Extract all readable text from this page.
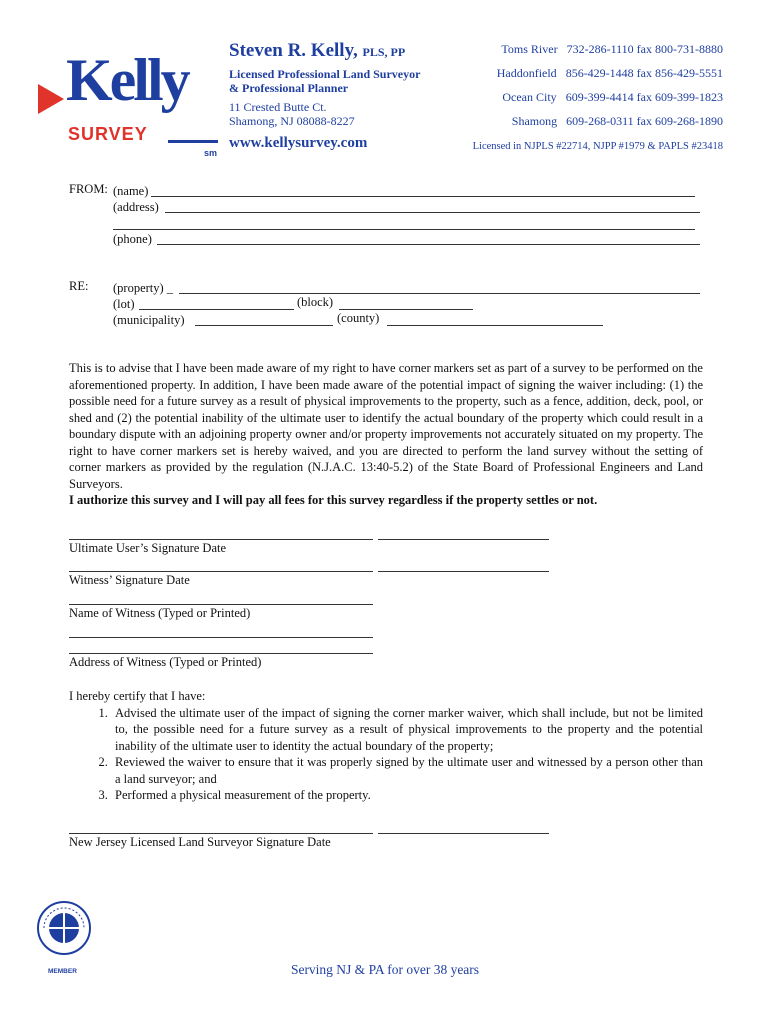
Kelly
SURVEY
sm
Steven R. Kelly, PLS, PP
Licensed Professional Land Surveyor
& Professional Planner
11 Crested Butte Ct.
Shamong, NJ 08088-8227
www.kellysurvey.com
Toms River 732-286-1110 fax 800-731-8880
Haddonfield 856-429-1448 fax 856-429-5551
Ocean City 609-399-4414 fax 609-399-1823
Shamong 609-268-0311 fax 609-268-1890
Licensed in NJPLS #22714, NJPP #1979 & PAPLS #23418
FROM: (name)
(address)
(phone)
RE: (property) _
(lot)	(block)
(municipality)	(county)
This is to advise that I have been made aware of my right to have corner markers set as part of a survey to be performed on the aforementioned property. In addition, I have been made aware of the potential impact of signing the waiver including: (1) the possible need for a future survey as a result of physical improvements to the property, such as a fence, addition, deck, pool, or shed and (2) the potential inability of the ultimate user to identify the actual boundary of the property which could result in a boundary dispute with an adjoining property owner and/or property improvements not accurately situated on my property. The right to have corner markers set is hereby waived, and you are directed to perform the land survey without the setting of corner markers as provided by the regulation (N.J.A.C. 13:40-5.2) of the State Board of Professional Engineers and Land Surveyors.
I authorize this survey and I will pay all fees for this survey regardless if the property settles or not.
Ultimate User’s Signature Date
Witness’ Signature Date
Name of Witness (Typed or Printed)
Address of Witness (Typed or Printed)
I hereby certify that I have:
1. Advised the ultimate user of the impact of signing the corner marker waiver, which shall include, but not be limited to, the possible need for a future survey as a result of physical improvements to the property and the potential inability of the ultimate user to identity the actual boundary of the property;
2. Reviewed the waiver to ensure that it was properly signed by the ultimate user and witnessed by a person other than a land surveyor; and
3. Performed a physical measurement of the property.
New Jersey Licensed Land Surveyor Signature Date
MEMBER	Serving NJ & PA for over 38 years
